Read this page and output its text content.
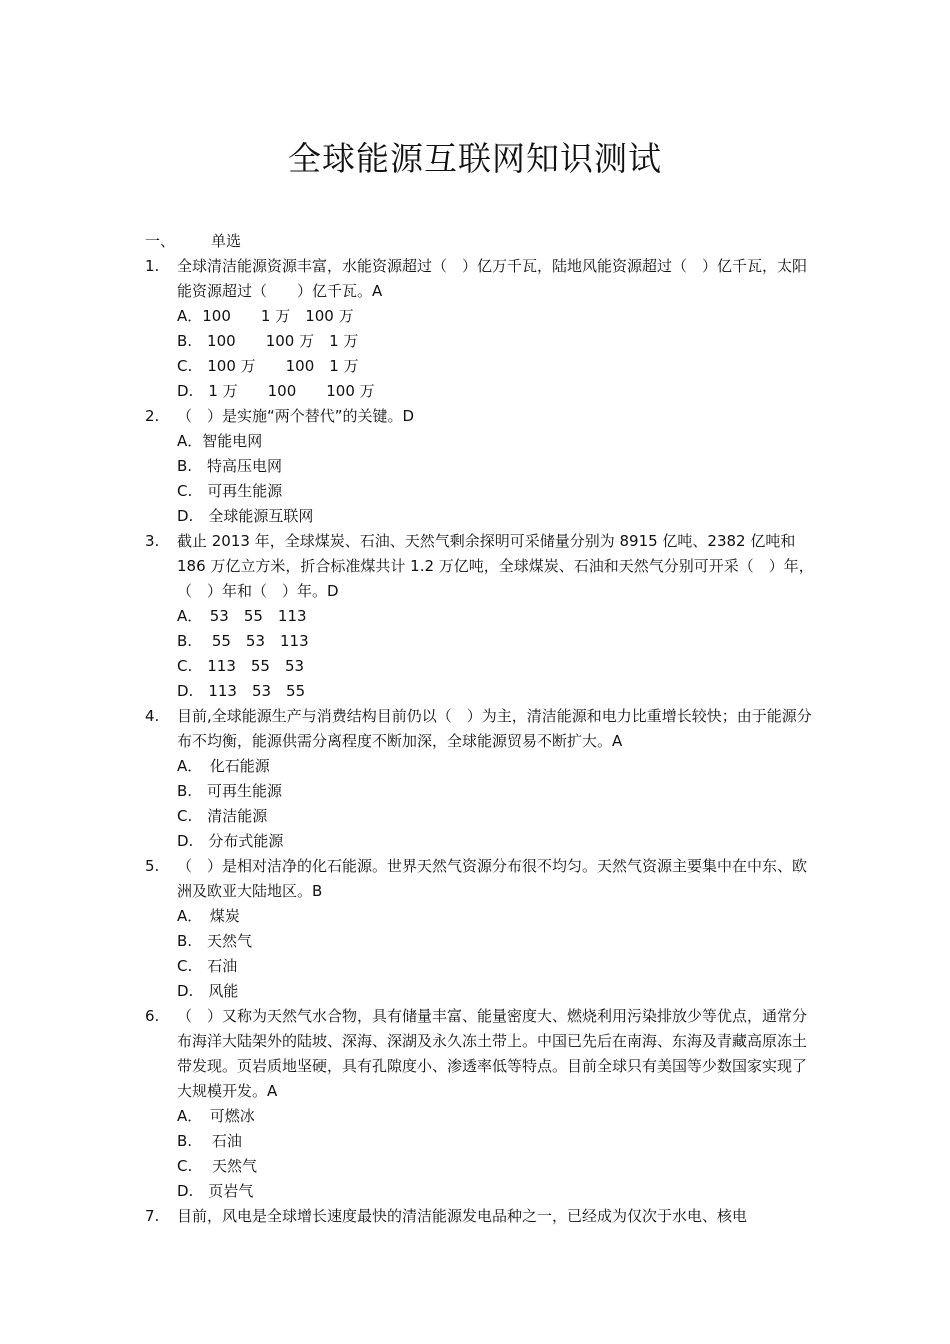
全球能源互联网知识测试
一、 单选
1.	全球清洁能源资源丰富，水能资源超过（　）亿万千瓦，陆地风能资源超过（　）亿千瓦，太阳能资源超过（　　）亿千瓦。A
A．100　　1 万　100 万
B.　100　　100 万　1 万
C.　100 万　　100　1 万
D.　1 万　　100　　100 万
2.	（　）是实施“两个替代”的关键。D
A．智能电网
B.　特高压电网
C.　可再生能源
D.　全球能源互联网
3.	截止 2013 年，全球煤炭、石油、天然气剩余探明可采储量分别为 8915 亿吨、2382 亿吨和 186 万亿立方米，折合标准煤共计 1.2 万亿吨，全球煤炭、石油和天然气分别可开采（　）年，（　）年和（　）年。D
A．　53　55　113
B.　 55　53　113
C.　113　55　53
D.　113　53　55
4.	目前,全球能源生产与消费结构目前仍以（　）为主，清洁能源和电力比重增长较快；由于能源分布不均衡，能源供需分离程度不断加深，全球能源贸易不断扩大。A
A．　化石能源
B.　可再生能源
C.　清洁能源
D.　分布式能源
5.	（　）是相对洁净的化石能源。世界天然气资源分布很不均匀。天然气资源主要集中在中东、欧洲及欧亚大陆地区。B
A．　煤炭
B.　天然气
C.　石油
D.　风能
6.	（　）又称为天然气水合物，具有储量丰富、能量密度大、燃烧利用污染排放少等优点，通常分布海洋大陆架外的陆坡、深海、深湖及永久冻土带上。中国已先后在南海、东海及青藏高原冻土带发现。页岩质地坚硬，具有孔隙度小、渗透率低等特点。目前全球只有美国等少数国家实现了大规模开发。A
A．　可燃冰
B.　 石油
C.　 天然气
D.　页岩气
7.	目前，风电是全球增长速度最快的清洁能源发电品种之一，已经成为仅次于水电、核电
